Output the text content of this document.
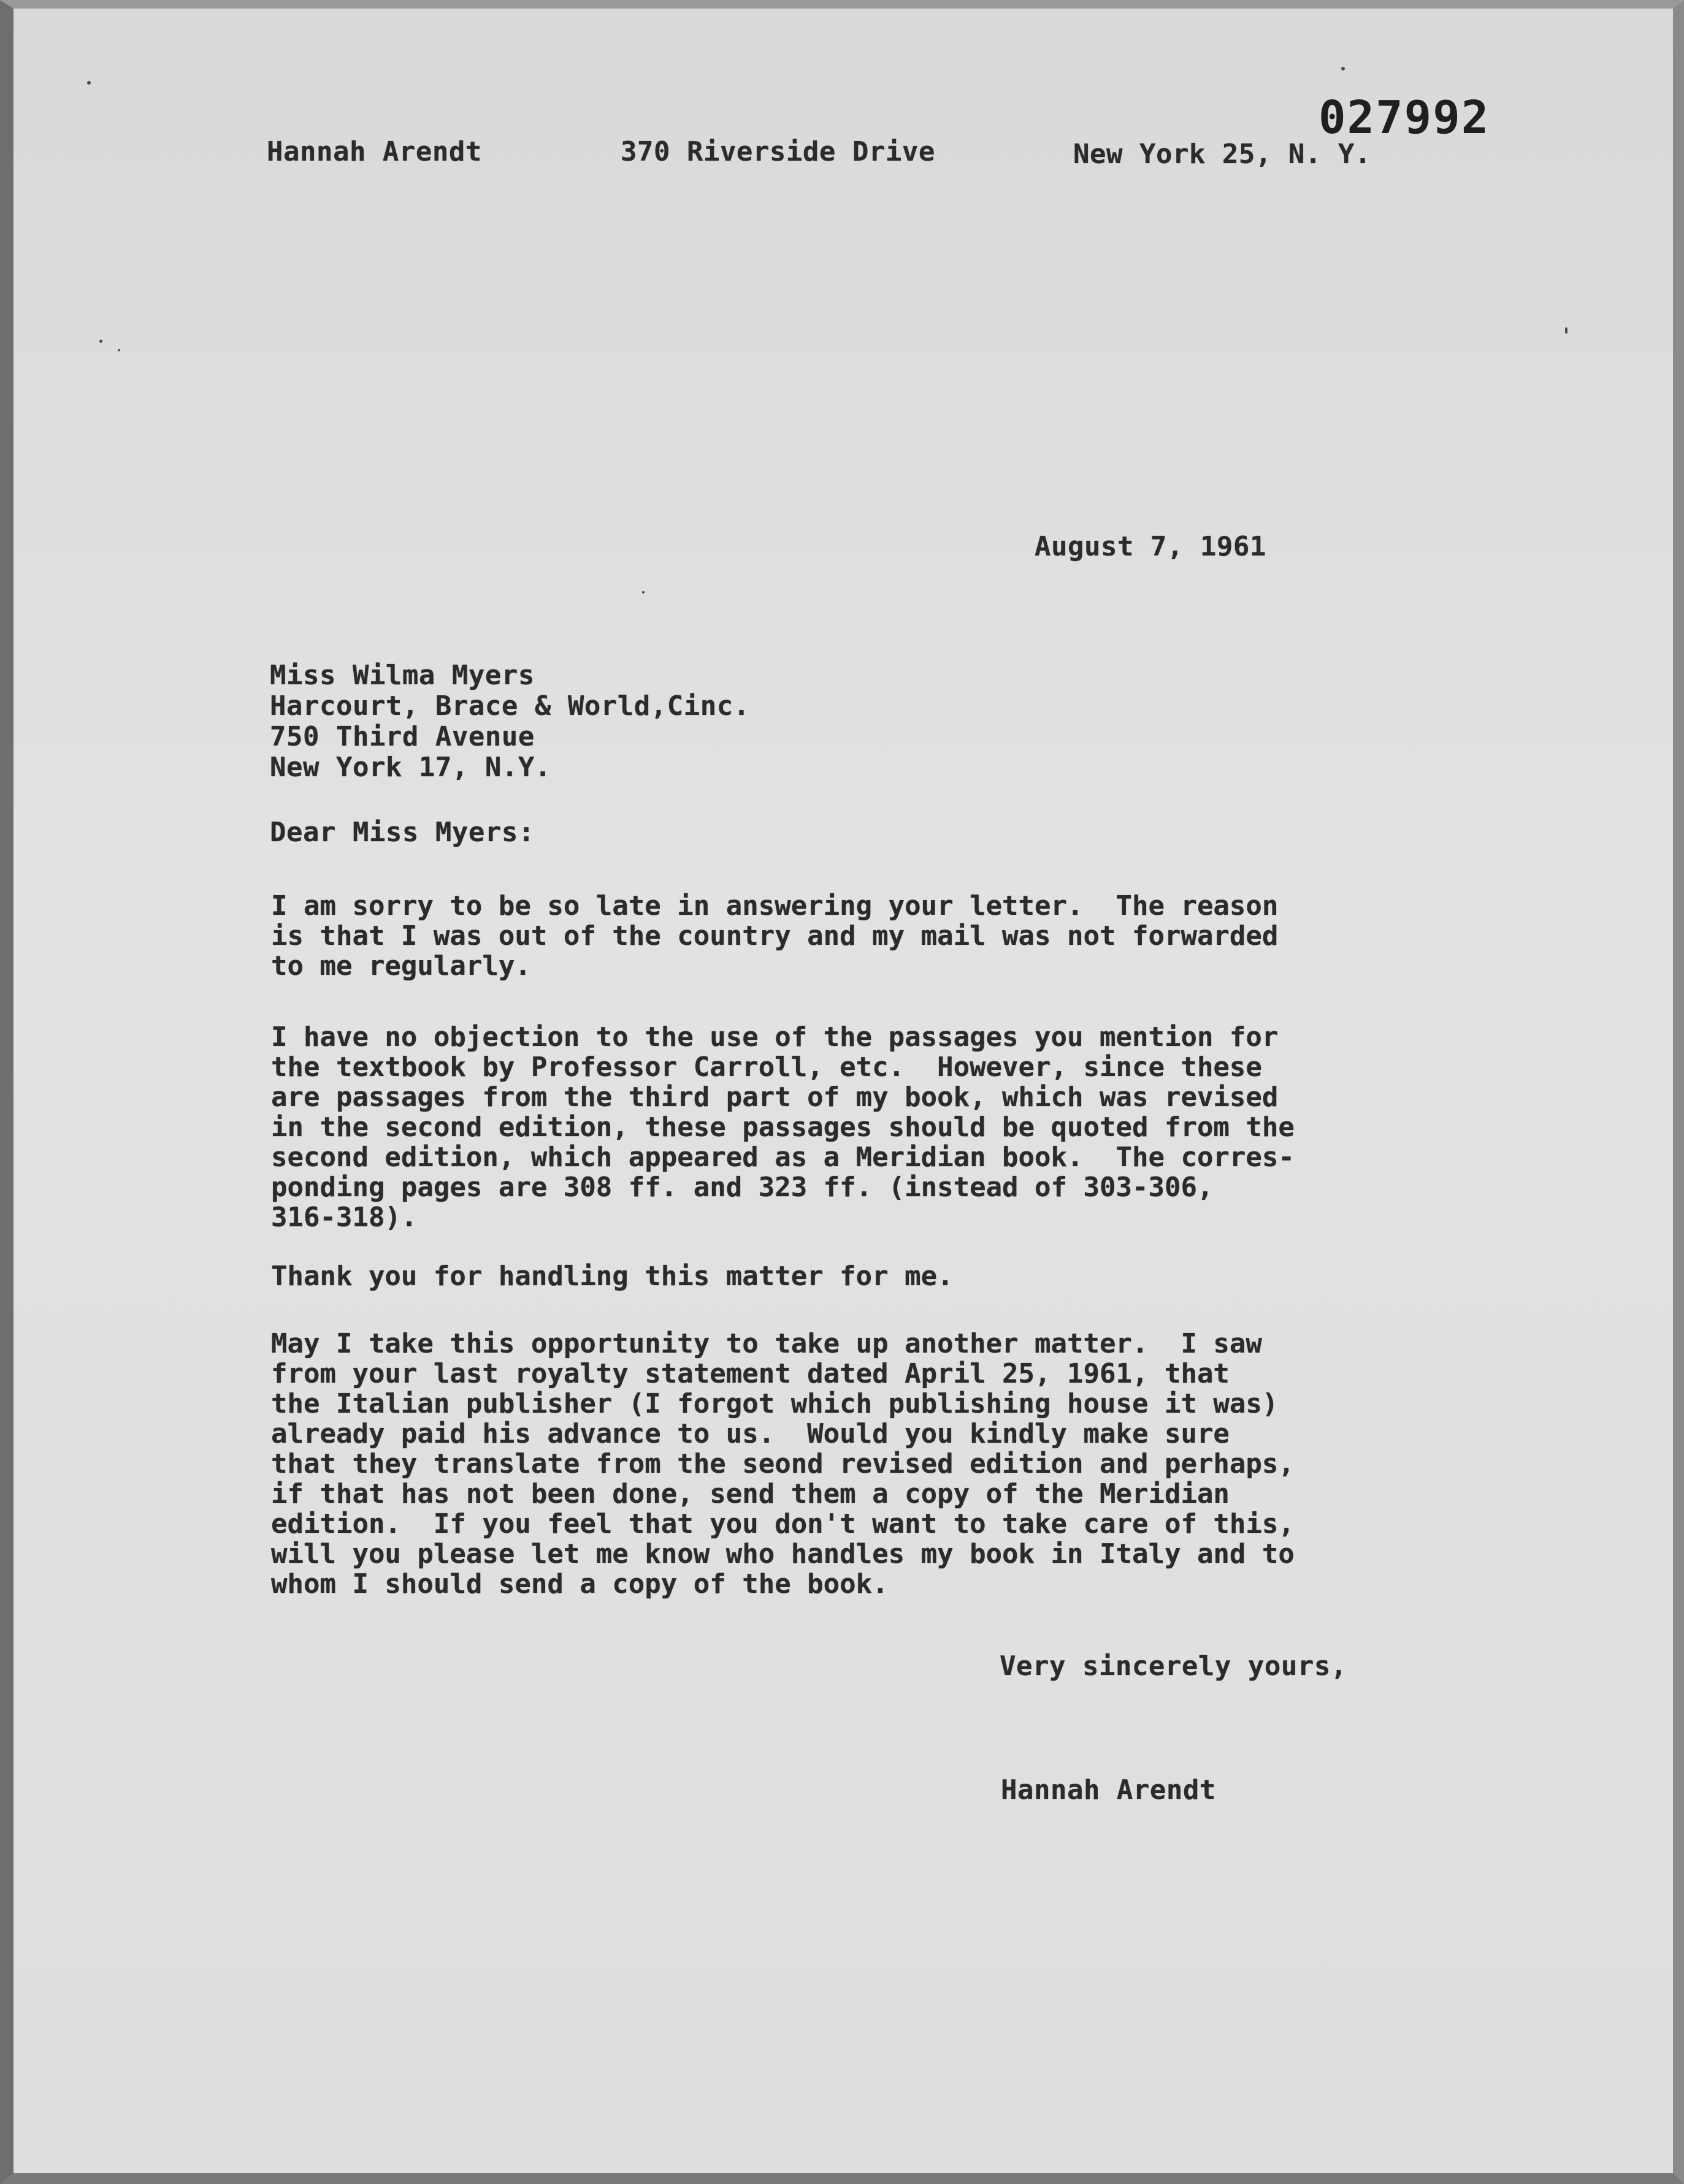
027992
Hannah Arendt	370 Riverside Drive	New York 25, N. Y.
August 7, 1961
Miss Wilma Myers
Harcourt, Brace & World,Cinc.
750 Third Avenue
New York 17, N.Y.
Dear Miss Myers:
I am sorry to be so late in answering your letter.  The reason
is that I was out of the country and my mail was not forwarded
to me regularly.
I have no objection to the use of the passages you mention for
the textbook by Professor Carroll, etc.  However, since these
are passages from the third part of my book, which was revised
in the second edition, these passages should be quoted from the
second edition, which appeared as a Meridian book.  The corres-
ponding pages are 308 ff. and 323 ff. (instead of 303-306,
316-318).
Thank you for handling this matter for me.
May I take this opportunity to take up another matter.  I saw
from your last royalty statement dated April 25, 1961, that
the Italian publisher (I forgot which publishing house it was)
already paid his advance to us.  Would you kindly make sure
that they translate from the seond revised edition and perhaps,
if that has not been done, send them a copy of the Meridian
edition.  If you feel that you don't want to take care of this,
will you please let me know who handles my book in Italy and to
whom I should send a copy of the book.
Very sincerely yours,
Hannah Arendt
